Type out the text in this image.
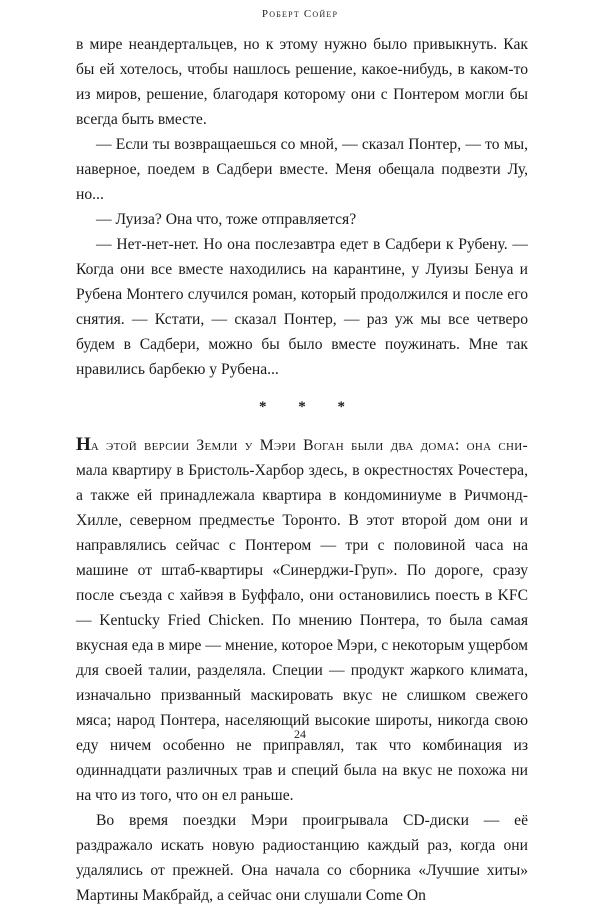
Роберт Сойер

в мире неандертальцев, но к этому нужно было привыкнуть. Как бы ей хотелось, чтобы нашлось решение, какое-нибудь, в каком-то из миров, решение, благодаря которому они с Понтером могли бы всегда быть вместе.

— Если ты возвращаешься со мной, — сказал Понтер, — то мы, наверное, поедем в Садбери вместе. Меня обещала подвезти Лу, но...

— Луиза? Она что, тоже отправляется?

— Нет-нет-нет. Но она послезавтра едет в Садбери к Рубену. — Когда они все вместе находились на карантине, у Луизы Бенуа и Рубена Монтего случился роман, который продолжился и после его снятия. — Кстати, — сказал Понтер, — раз уж мы все четверо будем в Садбери, можно бы было вместе поужинать. Мне так нравились барбекю у Рубена...

* * *

На этой версии Земли у Мэри Воган были два дома: она сни-мала квартиру в Бристоль-Харбор здесь, в окрестностях Рочестера, а также ей принадлежала квартира в кондоминиуме в Ричмонд-Хилле, северном предместье Торонто. В этот второй дом они и направлялись сейчас с Понтером — три с половиной часа на машине от штаб-квартиры «Синерджи-Груп». По дороге, сразу после съезда с хайвэя в Буффало, они остановились поесть в KFC — Kentucky Fried Chicken. По мнению Понтера, то была самая вкусная еда в мире — мнение, которое Мэри, с некоторым ущербом для своей талии, разделяла. Специи — продукт жаркого климата, изначально призванный маскировать вкус не слишком свежего мяса; народ Понтера, населяющий высокие широты, никогда свою еду ничем особенно не приправлял, так что комбинация из одиннадцати различных трав и специй была на вкус не похожа ни на что из того, что он ел раньше.

Во время поездки Мэри проигрывала CD-диски — её раздражало искать новую радиостанцию каждый раз, когда они удалялись от прежней. Она начала со сборника «Лучшие хиты» Мартины Макбрайд, а сейчас они слушали Come On

24
